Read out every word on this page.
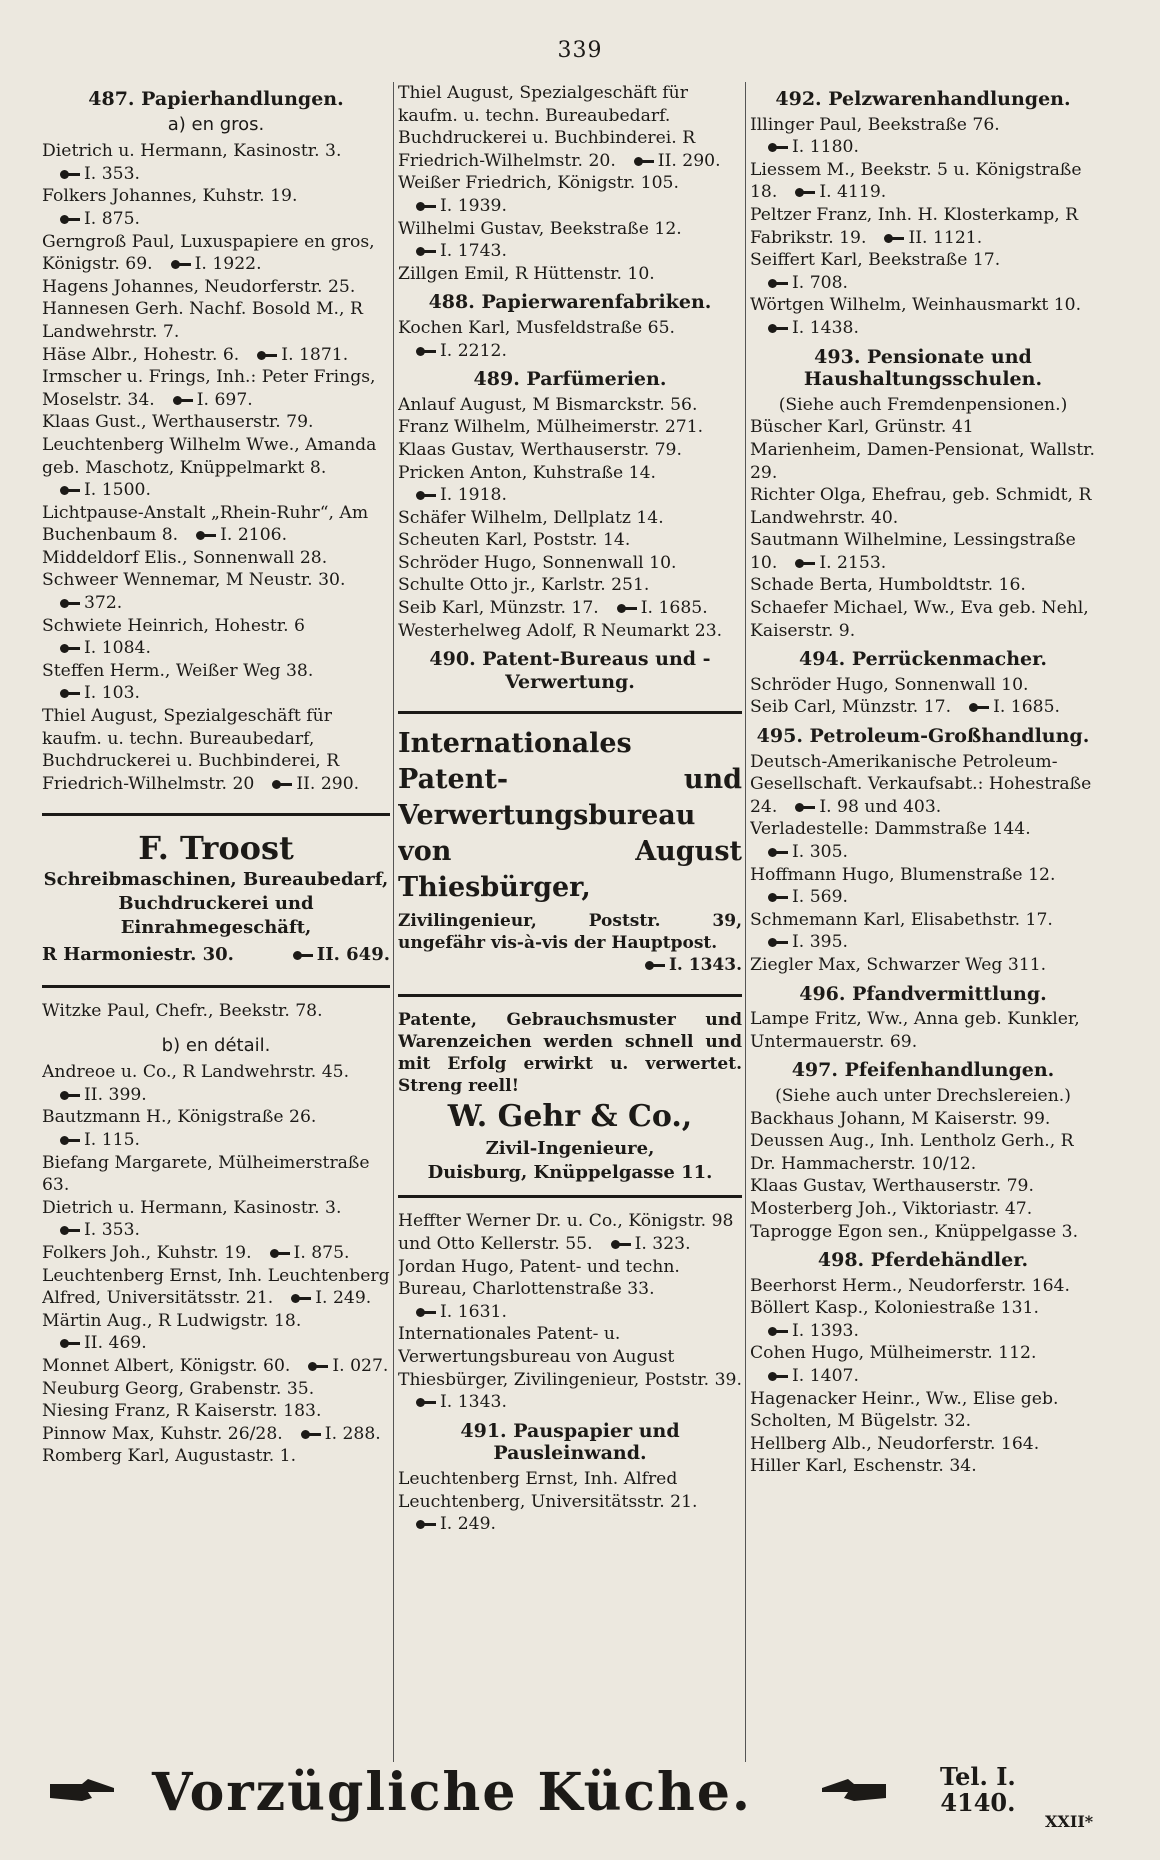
339
487. Papierhandlungen.
a) en gros.
Dietrich u. Hermann, Kasinostr. 3.I. 353.
Folkers Johannes, Kuhstr. 19.I. 875.
Gerngroß Paul, Luxuspapiere en gros, Königstr. 69. I. 1922.
Hagens Johannes, Neudorferstr. 25.
Hannesen Gerh. Nachf. Bosold M., R Landwehrstr. 7.
Häse Albr., Hohestr. 6. I. 1871.
Irmscher u. Frings, Inh.: Peter Frings, Moselstr. 34. I. 697.
Klaas Gust., Werthauserstr. 79.
Leuchtenberg Wilhelm Wwe., Amanda geb. Maschotz, Knüppelmarkt 8.I. 1500.
Lichtpause-Anstalt „Rhein-Ruhr“, Am Buchenbaum 8. I. 2106.
Middeldorf Elis., Sonnenwall 28.
Schweer Wennemar, M Neustr. 30.372.
Schwiete Heinrich, Hohestr. 6I. 1084.
Steffen Herm., Weißer Weg 38.I. 103.
Thiel August, Spezialgeschäft für kaufm. u. techn. Bureaubedarf, Buchdruckerei u. Buchbinderei, R Friedrich-Wilhelmstr. 20 II. 290.
F. Troost
Schreibmaschinen, Bureaubedarf, Buchdruckerei und Einrahmegeschäft,
R Harmoniestr. 30.	II. 649.
Witzke Paul, Chefr., Beekstr. 78.
b) en détail.
Andreoe u. Co., R Landwehrstr. 45.II. 399.
Bautzmann H., Königstraße 26.I. 115.
Biefang Margarete, Mülheimerstraße 63.
Dietrich u. Hermann, Kasinostr. 3.I. 353.
Folkers Joh., Kuhstr. 19. I. 875.
Leuchtenberg Ernst, Inh. Leuchtenberg Alfred, Universitätsstr. 21. I. 249.
Märtin Aug., R Ludwigstr. 18.II. 469.
Monnet Albert, Königstr. 60. I. 027.
Neuburg Georg, Grabenstr. 35.
Niesing Franz, R Kaiserstr. 183.
Pinnow Max, Kuhstr. 26/28. I. 288.
Romberg Karl, Augustastr. 1.
Thiel August, Spezialgeschäft für kaufm. u. techn. Bureaubedarf. Buchdruckerei u. Buchbinderei. R Friedrich-Wilhelmstr. 20. II. 290.
Weißer Friedrich, Königstr. 105.I. 1939.
Wilhelmi Gustav, Beekstraße 12.I. 1743.
Zillgen Emil, R Hüttenstr. 10.
488. Papierwarenfabriken.
Kochen Karl, Musfeldstraße 65.I. 2212.
489. Parfümerien.
Anlauf August, M Bismarckstr. 56.
Franz Wilhelm, Mülheimerstr. 271.
Klaas Gustav, Werthauserstr. 79.
Pricken Anton, Kuhstraße 14.I. 1918.
Schäfer Wilhelm, Dellplatz 14.
Scheuten Karl, Poststr. 14.
Schröder Hugo, Sonnenwall 10.
Schulte Otto jr., Karlstr. 251.
Seib Karl, Münzstr. 17. I. 1685.
Westerhelweg Adolf, R Neumarkt 23.
490. Patent-Bureaus und -Verwertung.
Internationales Patent- und Verwertungsbureau von August Thiesbürger,
Zivilingenieur, Poststr. 39, ungefähr vis-à-vis der Hauptpost.
I. 1343.
Patente, Gebrauchsmuster und Warenzeichen werden schnell und mit Erfolg erwirkt u. verwertet. Streng reell!
W. Gehr & Co.,
Zivil-Ingenieure,
Duisburg, Knüppelgasse 11.
Heffter Werner Dr. u. Co., Königstr. 98 und Otto Kellerstr. 55. I. 323.
Jordan Hugo, Patent- und techn. Bureau, Charlottenstraße 33.I. 1631.
Internationales Patent- u. Verwertungsbureau von August Thiesbürger, Zivilingenieur, Poststr. 39.I. 1343.
491. Pauspapier und Pausleinwand.
Leuchtenberg Ernst, Inh. Alfred Leuchtenberg, Universitätsstr. 21.I. 249.
492. Pelzwarenhandlungen.
Illinger Paul, Beekstraße 76.I. 1180.
Liessem M., Beekstr. 5 u. Königstraße 18. I. 4119.
Peltzer Franz, Inh. H. Klosterkamp, R Fabrikstr. 19. II. 1121.
Seiffert Karl, Beekstraße 17.I. 708.
Wörtgen Wilhelm, Weinhausmarkt 10.I. 1438.
493. Pensionate und Haushaltungsschulen.
(Siehe auch Fremdenpensionen.)
Büscher Karl, Grünstr. 41
Marienheim, Damen-Pensionat, Wallstr. 29.
Richter Olga, Ehefrau, geb. Schmidt, R Landwehrstr. 40.
Sautmann Wilhelmine, Lessingstraße 10. I. 2153.
Schade Berta, Humboldtstr. 16.
Schaefer Michael, Ww., Eva geb. Nehl, Kaiserstr. 9.
494. Perrückenmacher.
Schröder Hugo, Sonnenwall 10.
Seib Carl, Münzstr. 17. I. 1685.
495. Petroleum-Großhandlung.
Deutsch-Amerikanische Petroleum-Gesellschaft. Verkaufsabt.: Hohestraße 24. I. 98 und 403.
Verladestelle: Dammstraße 144.I. 305.
Hoffmann Hugo, Blumenstraße 12.I. 569.
Schmemann Karl, Elisabethstr. 17.I. 395.
Ziegler Max, Schwarzer Weg 311.
496. Pfandvermittlung.
Lampe Fritz, Ww., Anna geb. Kunkler, Untermauerstr. 69.
497. Pfeifenhandlungen.
(Siehe auch unter Drechslereien.)
Backhaus Johann, M Kaiserstr. 99.
Deussen Aug., Inh. Lentholz Gerh., R Dr. Hammacherstr. 10/12.
Klaas Gustav, Werthauserstr. 79.
Mosterberg Joh., Viktoriastr. 47.
Taprogge Egon sen., Knüppelgasse 3.
498. Pferdehändler.
Beerhorst Herm., Neudorferstr. 164.
Böllert Kasp., Koloniestraße 131.I. 1393.
Cohen Hugo, Mülheimerstr. 112.I. 1407.
Hagenacker Heinr., Ww., Elise geb. Scholten, M Bügelstr. 32.
Hellberg Alb., Neudorferstr. 164.
Hiller Karl, Eschenstr. 34.
Vorzügliche Küche.	Tel. I.
4140.
XXII*
